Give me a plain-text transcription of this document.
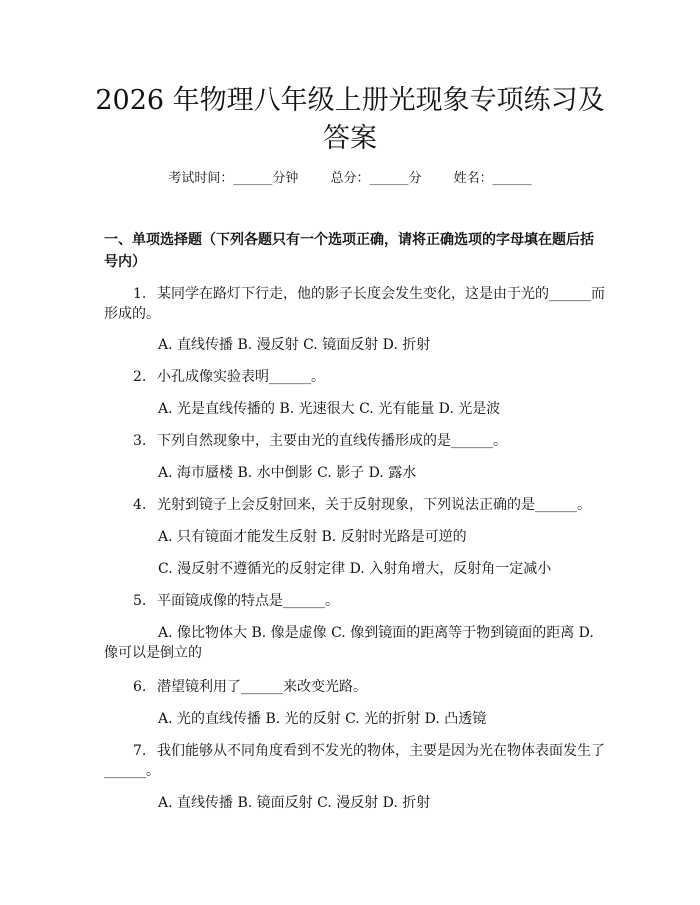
2026 年物理八年级上册光现象专项练习及答案
考试时间：______分钟 总分：______分 姓名：______
一、单项选择题（下列各题只有一个选项正确，请将正确选项的字母填在题后括号内）
1. 某同学在路灯下行走，他的影子长度会发生变化，这是由于光的______而
形成的。
A. 直线传播 B. 漫反射 C. 镜面反射 D. 折射
2. 小孔成像实验表明______。
A. 光是直线传播的 B. 光速很大 C. 光有能量 D. 光是波
3. 下列自然现象中，主要由光的直线传播形成的是______。
A. 海市蜃楼 B. 水中倒影 C. 影子 D. 露水
4. 光射到镜子上会反射回来，关于反射现象，下列说法正确的是______。
A. 只有镜面才能发生反射 B. 反射时光路是可逆的
C. 漫反射不遵循光的反射定律 D. 入射角增大，反射角一定减小
5. 平面镜成像的特点是______。
A. 像比物体大 B. 像是虚像 C. 像到镜面的距离等于物到镜面的距离 D.
像可以是倒立的
6. 潜望镜利用了______来改变光路。
A. 光的直线传播 B. 光的反射 C. 光的折射 D. 凸透镜
7. 我们能够从不同角度看到不发光的物体，主要是因为光在物体表面发生了
______。
A. 直线传播 B. 镜面反射 C. 漫反射 D. 折射
